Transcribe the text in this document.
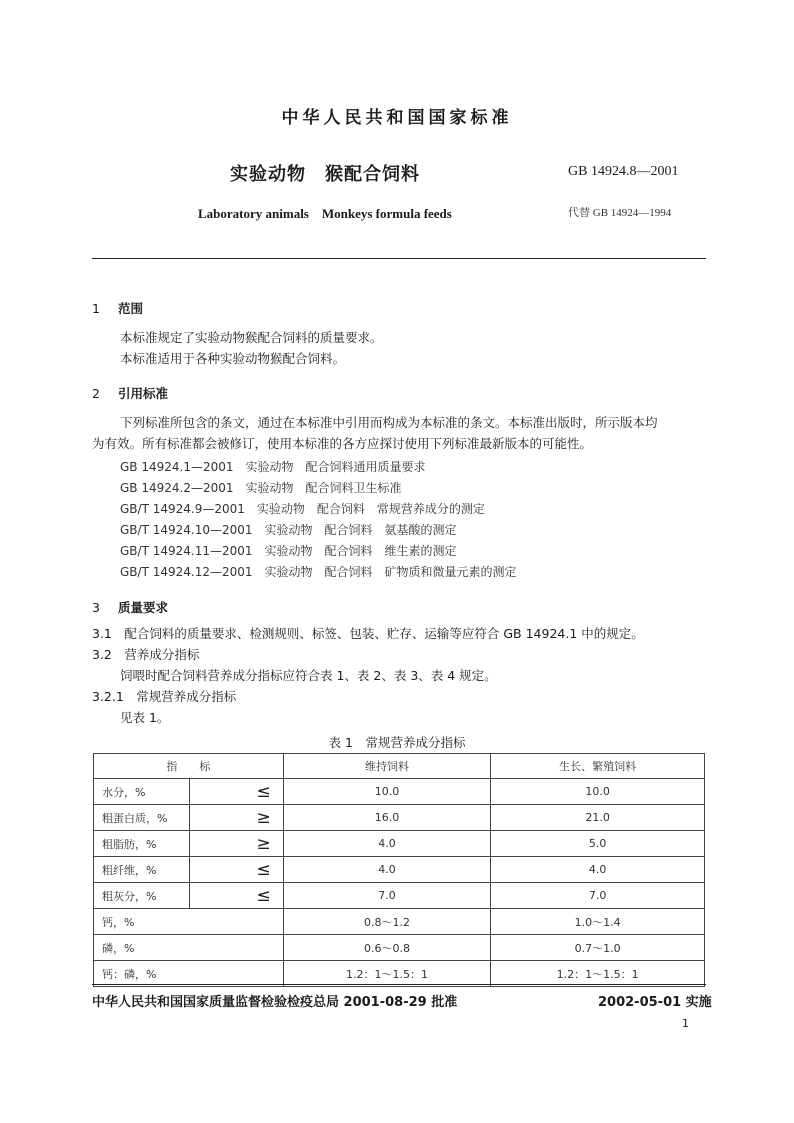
中华人民共和国国家标准
实验动物　猴配合饲料	GB 14924.8—2001
Laboratory animals　Monkeys formula feeds	代替 GB 14924—1994
1 范围
本标准规定了实验动物猴配合饲料的质量要求。
本标准适用于各种实验动物猴配合饲料。
2 引用标准
下列标准所包含的条文，通过在本标准中引用而构成为本标准的条文。本标准出版时，所示版本均
为有效。所有标准都会被修订，使用本标准的各方应探讨使用下列标准最新版本的可能性。
GB 14924.1—2001　实验动物　配合饲料通用质量要求
GB 14924.2—2001　实验动物　配合饲料卫生标准
GB/T 14924.9—2001　实验动物　配合饲料　常规营养成分的测定
GB/T 14924.10—2001　实验动物　配合饲料　氨基酸的测定
GB/T 14924.11—2001　实验动物　配合饲料　维生素的测定
GB/T 14924.12—2001　实验动物　配合饲料　矿物质和微量元素的测定
3 质量要求
3.1　配合饲料的质量要求、检测规则、标签、包装、贮存、运输等应符合 GB 14924.1 中的规定。
3.2　营养成分指标
饲喂时配合饲料营养成分指标应符合表 1、表 2、表 3、表 4 规定。
3.2.1　常规营养成分指标
见表 1。
表 1　常规营养成分指标
指　　标		维持饲料	生长、繁殖饲料
水分，%	≤	10.0	10.0
粗蛋白质，%	≥	16.0	21.0
粗脂肪，%	≥	4.0	5.0
粗纤维，%	≤	4.0	4.0
粗灰分，%	≤	7.0	7.0
钙，%		0.8～1.2	1.0～1.4
磷，%		0.6～0.8	0.7～1.0
钙：磷，%		1.2：1～1.5：1	1.2：1～1.5：1
中华人民共和国国家质量监督检验检疫总局 2001-08-29 批准	2002-05-01 实施
1
